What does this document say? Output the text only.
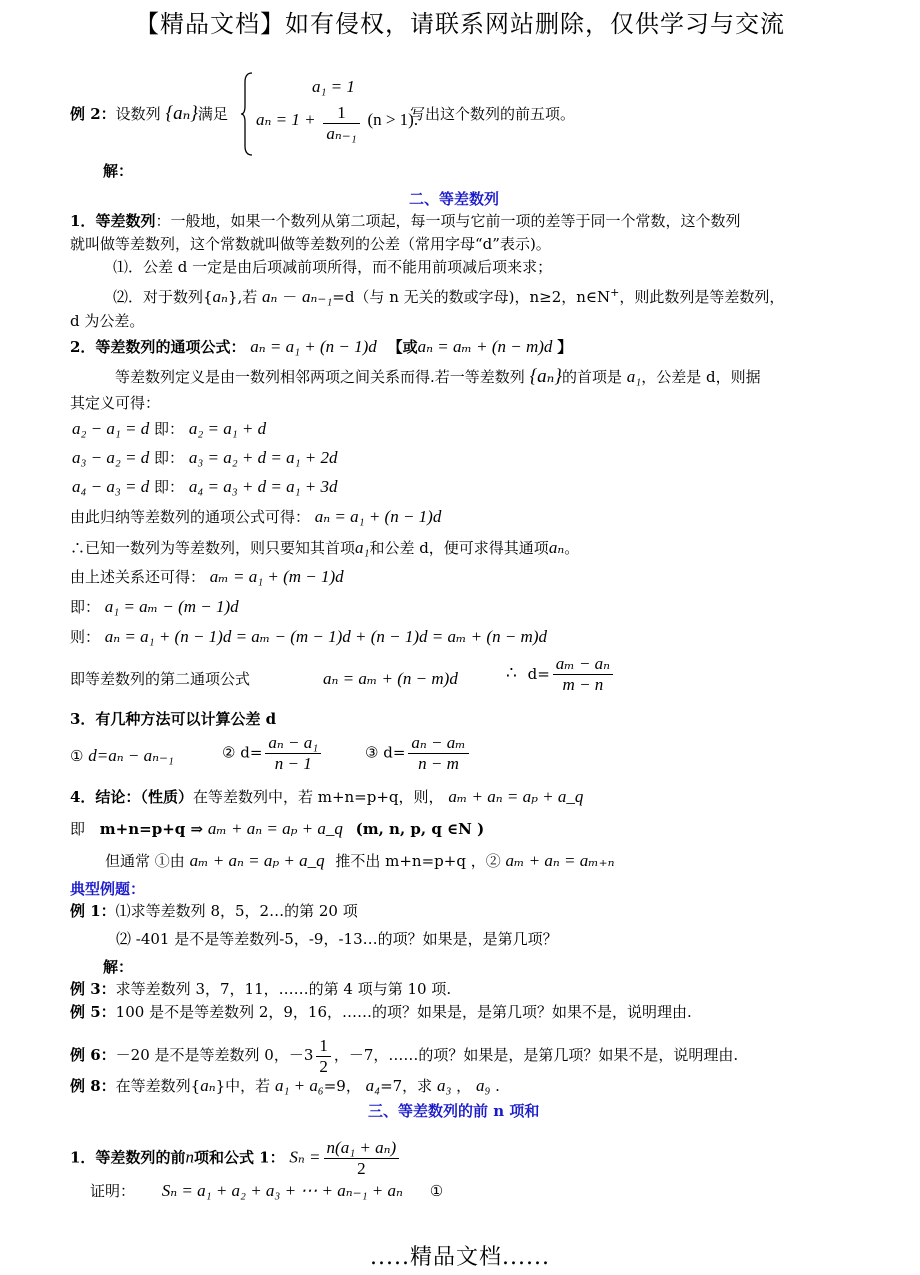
【精品文档】如有侵权，请联系网站删除，仅供学习与交流
例 2：设数列 {aₙ}满足
a₁ = 1
$a_n = 1 + \frac{1}{\text{aₙ₋₁}} (n > 1)$.
写出这个数列的前五项。
解：
二、等差数列
1．等差数列：一般地，如果一个数列从第二项起，每一项与它前一项的差等于同一个常数，这个数列
就叫做等差数列，这个常数就叫做等差数列的公差（常用字母“d”表示)。
⑴．公差 d 一定是由后项减前项所得，而不能用前项减后项来求；
⑵．对于数列{aₙ},若 aₙ － aₙ₋₁=d（与 n 无关的数或字母)，n≥2，n∈N+，则此数列是等差数列，
d 为公差。
2．等差数列的通项公式： aₙ = a₁ + (n − 1)d 【或aₙ = aₘ + (n − m)d 】
等差数列定义是由一数列相邻两项之间关系而得.若一等差数列 {aₙ}的首项是 a₁，公差是 d，则据
其定义可得：
a₂ − a₁ = d 即： a₂ = a₁ + d
a₃ − a₂ = d 即： a₃ = a₂ + d = a₁ + 2d
a₄ − a₃ = d 即： a₄ = a₃ + d = a₁ + 3d
由此归纳等差数列的通项公式可得： aₙ = a₁ + (n − 1)d
∴已知一数列为等差数列，则只要知其首项a₁和公差 d，便可求得其通项aₙ。
由上述关系还可得： aₘ = a₁ + (m − 1)d
即： a₁ = aₘ − (m − 1)d
则： aₙ = a₁ + (n − 1)d = aₘ − (m − 1)d + (n − 1)d = aₘ + (n − m)d
即等差数列的第二通项公式	aₙ = aₘ + (n − m)d	∴ $d= \frac{\text{aₘ − aₙ}}{m - n}$
3．有几种方法可以计算公差 d
① d=aₙ − aₙ₋₁	② $d= \frac{\text{aₙ − a₁}}{n - 1}$	③ $d= \frac{\text{aₙ − aₘ}}{n - m}$
4．结论：（性质）在等差数列中，若 m+n=p+q，则， aₘ + aₙ = aₚ + a_q
即 m+n=p+q ⇒ aₘ + aₙ = aₚ + a_q (m, n, p, q ∈N )
但通常 ①由 aₘ + aₙ = aₚ + a_q 推不出 m+n=p+q ，② aₘ + aₙ = aₘ₊ₙ
典型例题：
例 1：⑴求等差数列 8，5，2…的第 20 项
⑵ -401 是不是等差数列-5，-9，-13…的项？如果是，是第几项？
解：
例 3：求等差数列 3，7，11，……的第 4 项与第 10 项.
例 5：100 是不是等差数列 2，9，16，……的项？如果是，是第几项？如果不是，说明理由.
例 6：－20 是不是等差数列 0，$-3 \frac{1}{2}$ ，－7，……的项？如果是，是第几项？如果不是，说明理由.
例 8：在等差数列{aₙ}中，若 a₁ + a₆=9， a₄=7，求 a₃ ， a₉ .
三、等差数列的前 n 项和
1．等差数列的前n项和公式 1： $S_n = \frac{\text{n(a₁ + aₙ)}}{2}$
证明： Sₙ = a₁ + a₂ + a₃ + ⋯ + aₙ₋₁ + aₙ ①
.....精品文档......
